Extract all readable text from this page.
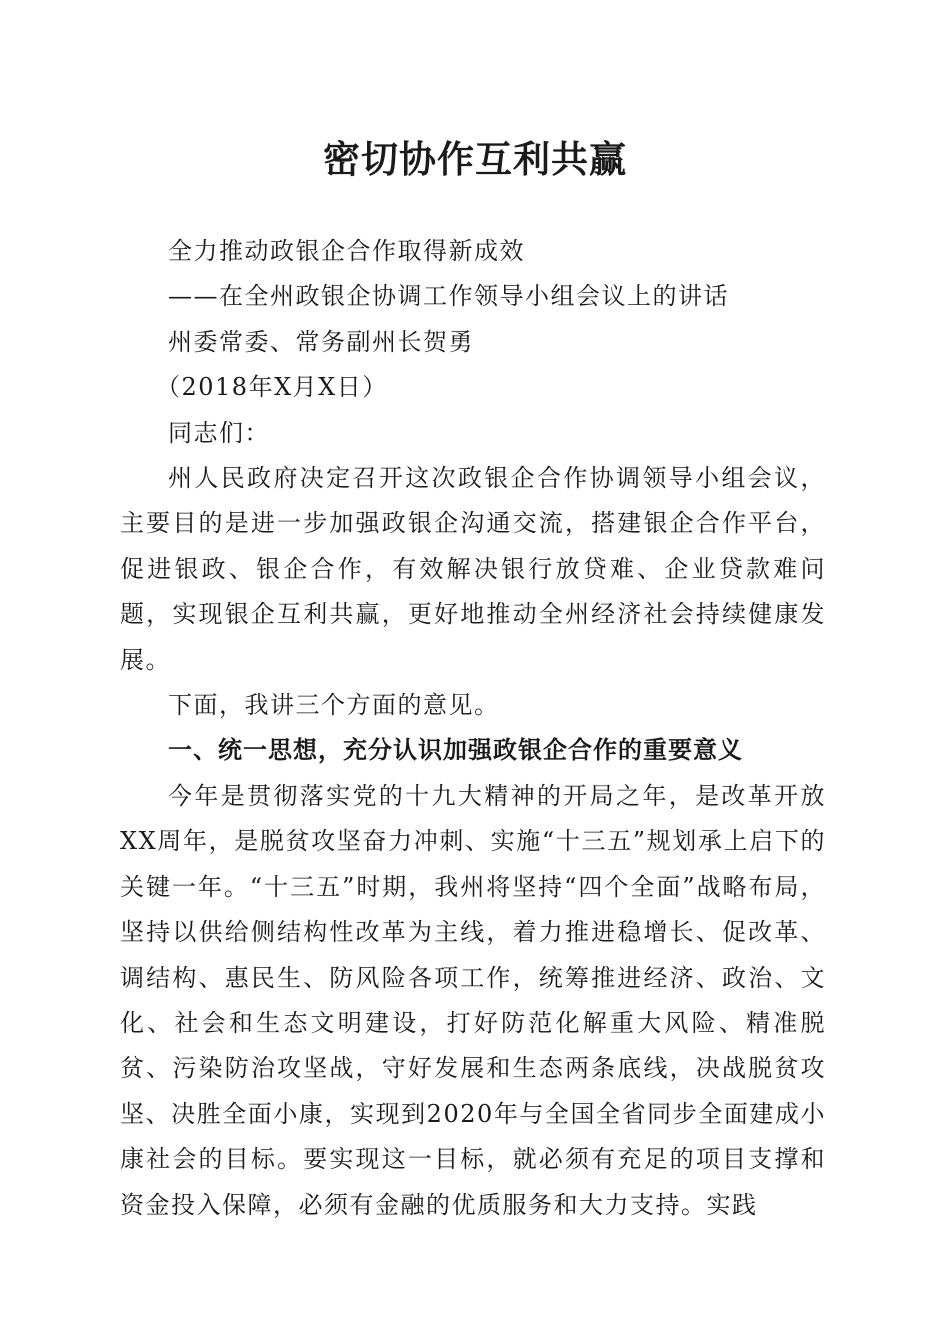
密切协作互利共赢

全力推动政银企合作取得新成效

——在全州政银企协调工作领导小组会议上的讲话

州委常委、常务副州长贺勇

（2018年X月X日）

同志们：

州人民政府决定召开这次政银企合作协调领导小组会议，主要目的是进一步加强政银企沟通交流，搭建银企合作平台，促进银政、银企合作，有效解决银行放贷难、企业贷款难问题，实现银企互利共赢，更好地推动全州经济社会持续健康发展。

下面，我讲三个方面的意见。

一、统一思想，充分认识加强政银企合作的重要意义

今年是贯彻落实党的十九大精神的开局之年，是改革开放XX周年，是脱贫攻坚奋力冲刺、实施“十三五”规划承上启下的关键一年。“十三五”时期，我州将坚持“四个全面”战略布局，坚持以供给侧结构性改革为主线，着力推进稳增长、促改革、调结构、惠民生、防风险各项工作，统筹推进经济、政治、文化、社会和生态文明建设，打好防范化解重大风险、精准脱贫、污染防治攻坚战，守好发展和生态两条底线，决战脱贫攻坚、决胜全面小康，实现到2020年与全国全省同步全面建成小康社会的目标。要实现这一目标，就必须有充足的项目支撑和资金投入保障，必须有金融的优质服务和大力支持。实践
